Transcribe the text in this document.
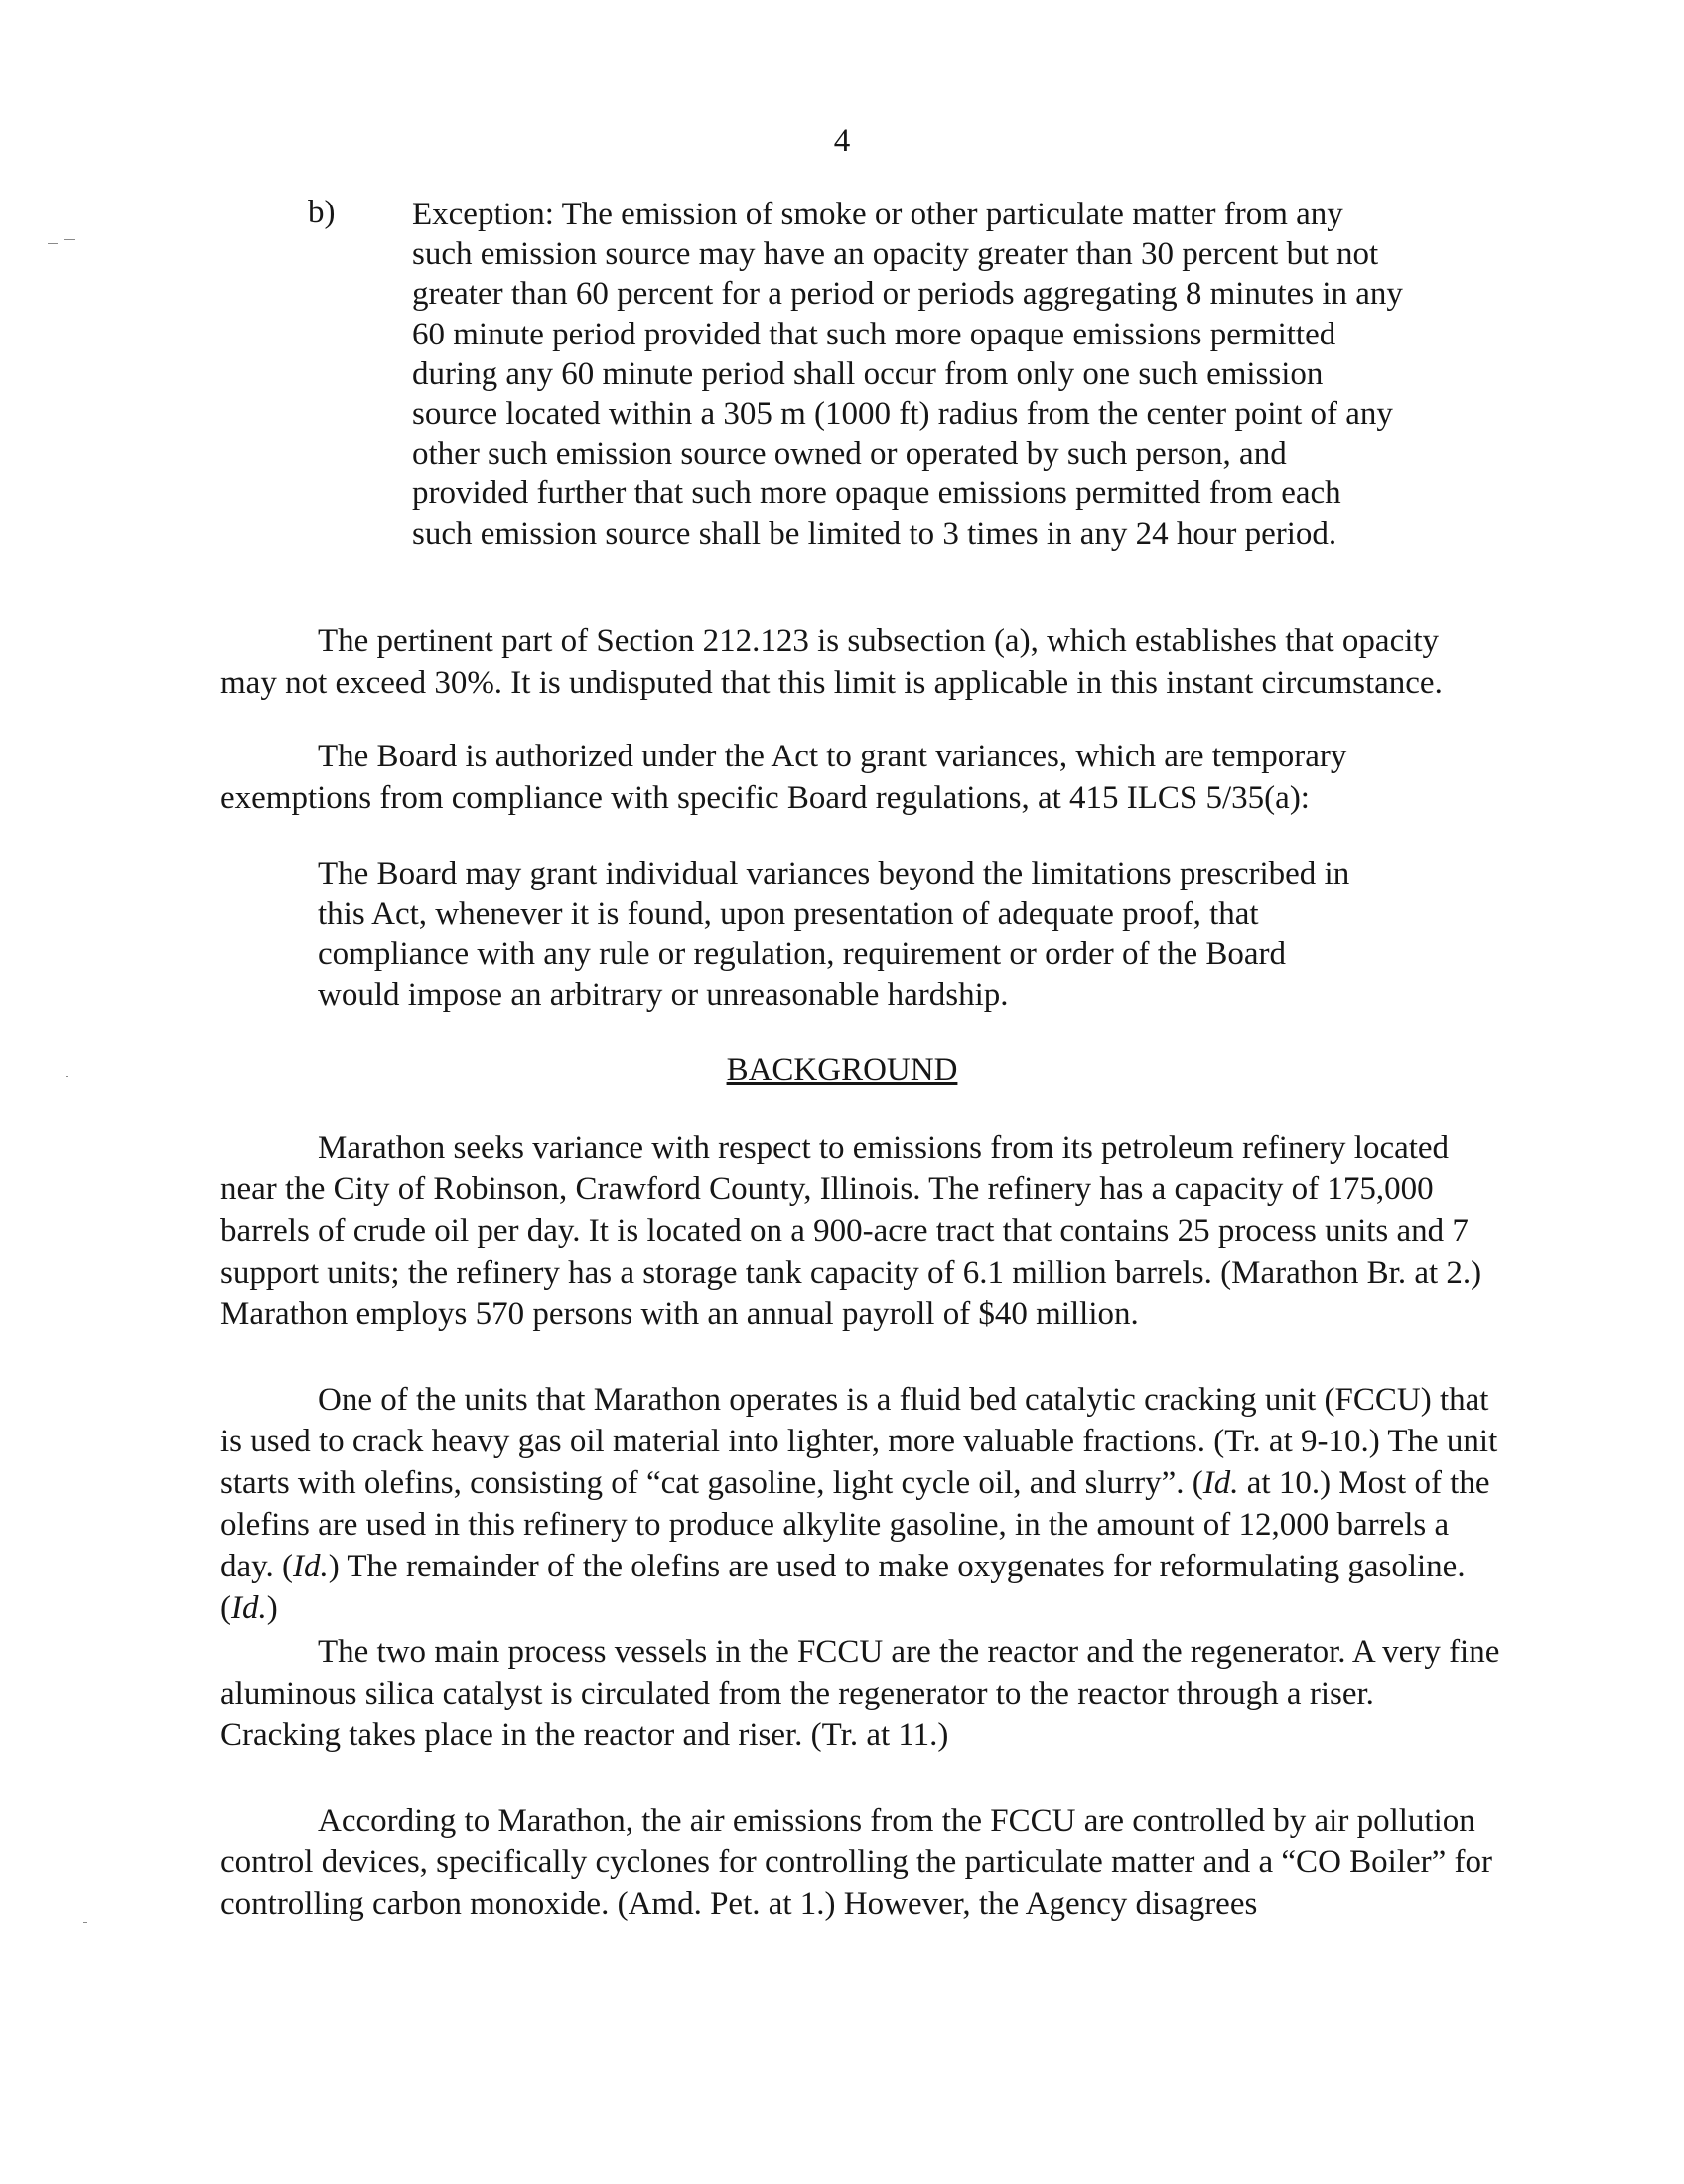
4
b) Exception: The emission of smoke or other particulate matter from any such emission source may have an opacity greater than 30 percent but not greater than 60 percent for a period or periods aggregating 8 minutes in any 60 minute period provided that such more opaque emissions permitted during any 60 minute period shall occur from only one such emission source located within a 305 m (1000 ft) radius from the center point of any other such emission source owned or operated by such person, and provided further that such more opaque emissions permitted from each such emission source shall be limited to 3 times in any 24 hour period.

The pertinent part of Section 212.123 is subsection (a), which establishes that opacity may not exceed 30%. It is undisputed that this limit is applicable in this instant circumstance.

The Board is authorized under the Act to grant variances, which are temporary exemptions from compliance with specific Board regulations, at 415 ILCS 5/35(a):

The Board may grant individual variances beyond the limitations prescribed in this Act, whenever it is found, upon presentation of adequate proof, that compliance with any rule or regulation, requirement or order of the Board would impose an arbitrary or unreasonable hardship.

BACKGROUND

Marathon seeks variance with respect to emissions from its petroleum refinery located near the City of Robinson, Crawford County, Illinois. The refinery has a capacity of 175,000 barrels of crude oil per day. It is located on a 900-acre tract that contains 25 process units and 7 support units; the refinery has a storage tank capacity of 6.1 million barrels. (Marathon Br. at 2.) Marathon employs 570 persons with an annual payroll of $40 million.

One of the units that Marathon operates is a fluid bed catalytic cracking unit (FCCU) that is used to crack heavy gas oil material into lighter, more valuable fractions. (Tr. at 9-10.) The unit starts with olefins, consisting of “cat gasoline, light cycle oil, and slurry”. (Id. at 10.) Most of the olefins are used in this refinery to produce alkylite gasoline, in the amount of 12,000 barrels a day. (Id.) The remainder of the olefins are used to make oxygenates for reformulating gasoline. (Id.)

The two main process vessels in the FCCU are the reactor and the regenerator. A very fine aluminous silica catalyst is circulated from the regenerator to the reactor through a riser. Cracking takes place in the reactor and riser. (Tr. at 11.)

According to Marathon, the air emissions from the FCCU are controlled by air pollution control devices, specifically cyclones for controlling the particulate matter and a “CO Boiler” for controlling carbon monoxide. (Amd. Pet. at 1.) However, the Agency disagrees
